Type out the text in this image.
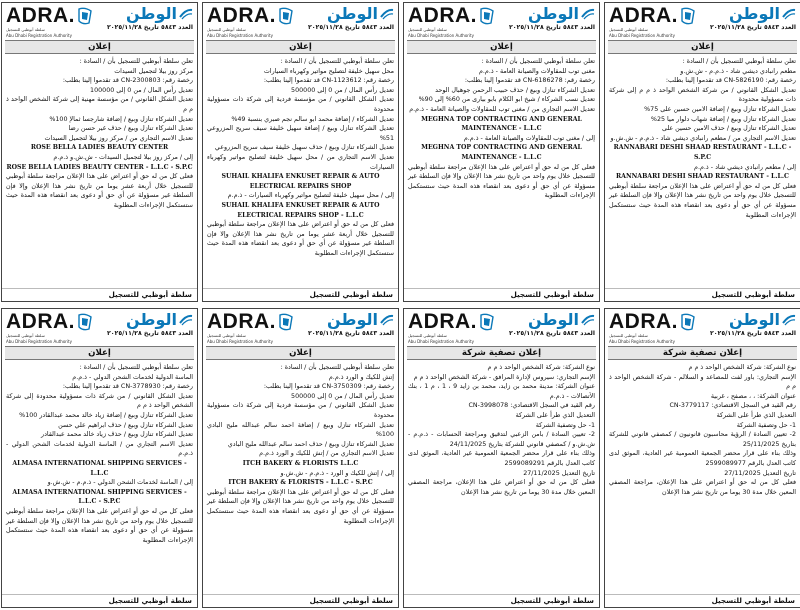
ADRA.
سلطة أبوظبي للتسجيل
Abu Dhabi Registration Authority
الوطن
العدد ٥٨٤٣ تاريخ ٢٠٢٥/١١/٢٨
إعلان

تعلن سلطة أبوظبي للتسجيل بأن / السادة :

مركز روز بيلا لتجميل السيدات

رخصة رقم: CN-2300803 قد تقدموا إلينا بطلب:

تعديل رأس المال / من 0 إلى 100000

تعديل الشكل القانوني / من مؤسسة مهنية إلى شركة الشخص الواحد ذ م م

تعديل الشركاء تنازل وبيع / إضافة شارجسا ثمالإ 100%

تعديل الشركاء تنازل وبيع / حذف غير حسن رضا

تعديل الاسم التجاري من / مركز روز بيلا لتجميل السيدات

ROSE BELLA LADIES BEAUTY CENTER

إلى / مركز روز بيلا لتجميل السيدات - ش.ش.و ذ.م.م

ROSE BELLA LADIES BEAUTY CENTER - L.L.C - S.P.C

فعلى كل من له حق أو اعتراض على هذا الإعلان مراجعة سلطة أبوظبي للتسجيل خلال أربعة عشر يوما من تاريخ نشر هذا الإعلان وإلا فإن السلطة غير مسؤولة عن أي حق أو دعوى بعد انقضاء هذه المدة حيث ستستكمل الإجراءات المطلوبة

سلطة أبوظبي للتسجيل
ADRA.
سلطة أبوظبي للتسجيل
Abu Dhabi Registration Authority
الوطن
العدد ٥٨٤٣ تاريخ ٢٠٢٥/١١/٢٨
إعلان

تعلن سلطة أبوظبي للتسجيل بأن / السادة :

محل سهيل خليفة لتصليح مواتير وكهرباء السيارات

رخصة رقم: CN-1123612 قد تقدموا إلينا بطلب:

تعديل رأس المال / من 0 إلى 500000

تعديل الشكل القانوني / من مؤسسة فردية إلى شركة ذات مسؤولية محدودة

تعديل الشركاء / إضافة محمد ابو سالم نجم صبري بنسبة 49%

تعديل الشركاء تنازل وبيع / إضافة سهيل خليفة سيف سريح المزروعي 51%

تعديل الشركاء تنازل وبيع / حذف سهيل خليفة سيف سريح المزروعي

تعديل الاسم التجاري من / محل سهيل خليفة لتصليح مواتير وكهرباء السيارات

SUHAIL KHALIFA ENKUSET REPAIR & AUTO ELECTRICAL REPAIRS SHOP

إلى / محل سهيل خليفة لتصليح مواتير وكهرباء السيارات - ذ.م.م

SUHAIL KHALIFA ENKUSET REPAIR & AUTO ELECTRICAL REPAIRS SHOP - L.L.C

فعلى كل من له حق أو اعتراض على هذا الإعلان مراجعة سلطة أبوظبي للتسجيل خلال أربعة عشر يوما من تاريخ نشر هذا الإعلان وإلا فإن السلطة غير مسؤولة عن أي حق أو دعوى بعد انقضاء هذه المدة حيث ستستكمل الإجراءات المطلوبة

سلطة أبوظبي للتسجيل
ADRA.
سلطة أبوظبي للتسجيل
Abu Dhabi Registration Authority
الوطن
العدد ٥٨٤٣ تاريخ ٢٠٢٥/١١/٢٨
إعلان

تعلن سلطة أبوظبي للتسجيل بأن / السادة :

مغنى توب للمقاولات والصيانة العامة - ذ.م.م

رخصة رقم: CN-6186278 قد تقدموا إلينا بطلب:

تعديل الشركاء تنازل وبيع / حذف حبيب الرحمن جوهبال الوحد

تعديل نسب الشركاء / شيخ ابو الكلام بابو بيارى من 60% إلى 90%

تعديل الاسم التجاري من / مغنى توب للمقاولات والصيانة العامة - ذ.م.م

MEGHNA TOP CONTRACTING AND GENERAL MAINTENANCE - L.L.C

إلى / مغنى توب للمقاولات والصيانة العامة - ذ.م.م

MEGHNA TOP CONTRACTING AND GENERAL MAINTENANCE - L.L.C

فعلى كل من له حق أو اعتراض على هذا الإعلان مراجعة سلطة أبوظبي للتسجيل خلال يوم واحد من تاريخ نشر هذا الإعلان وإلا فإن السلطة غير مسؤولة عن أي حق أو دعوى بعد انقضاء هذه المدة حيث ستستكمل الإجراءات المطلوبة

سلطة أبوظبي للتسجيل
ADRA.
سلطة أبوظبي للتسجيل
Abu Dhabi Registration Authority
الوطن
العدد ٥٨٤٣ تاريخ ٢٠٢٥/١١/٢٨
إعلان

تعلن سلطة أبوظبي للتسجيل بأن / السادة :

مطعم رانبادي ديشي شاد - ذ.م.م - ش.ش.و

رخصة رقم: CN-5826190 قد تقدموا إلينا بطلب:

تعديل الشكل القانوني / من شركة الشخص الواحد ذ م م إلى شركة ذات مسؤولية محدودة

تعديل الشركاء تنازل وبيع / إضافة الامين حسين على 75%

تعديل الشركاء تنازل وبيع / إضافة شهاب دلوار ميا 25%

تعديل الشركاء تنازل وبيع / حذف الامين حسين على

تعديل الاسم التجاري من / مطعم رانبادي ديشي شاد - ذ.م.م - ش.ش.و

RANNABARI DESHI SHAAD RESTAURANT - L.L.C - S.P.C

إلى / مطعم رانبادي ديشي شاد - ذ.م.م

RANNABARI DESHI SHAAD RESTAURANT - L.L.C

فعلى كل من له حق أو اعتراض على هذا الإعلان مراجعة سلطة أبوظبي للتسجيل خلال يوم واحد من تاريخ نشر هذا الإعلان وإلا فإن السلطة غير مسؤولة عن أي حق أو دعوى بعد انقضاء هذه المدة حيث ستستكمل الإجراءات المطلوبة

سلطة أبوظبي للتسجيل
ADRA.
سلطة أبوظبي للتسجيل
Abu Dhabi Registration Authority
الوطن
العدد ٥٨٤٣ تاريخ ٢٠٢٥/١١/٢٨
إعلان

تعلن سلطة أبوظبي للتسجيل بأن / السادة :

الماسة الدولية لخدمات الشحن الدولي - ذ.م.م

رخصة رقم: CN-3778930 قد تقدموا إلينا بطلب:

تعديل الشكل القانوني / من شركة ذات مسؤولية محدودة إلى شركة الشخص الواحد ذ م م

تعديل الشركاء تنازل وبيع / إضافة زياد خالد محمد عبدالقادر 100%

تعديل الشركاء تنازل وبيع / حذف ابراهيم علي حسن

تعديل الشركاء تنازل وبيع / حذف زياد خالد محمد عبدالقادر

تعديل الاسم التجاري من / الماسة الدولية لخدمات الشحن الدولي - ذ.م.م

ALMASA INTERNATIONAL SHIPPING SERVICES - L.L.C

إلى / الماسة لخدمات الشحن الدولي - ذ.م.م - ش.ش.و

ALMASA INTERNATIONAL SHIPPING SERVICES - L.L.C - S.P.C

فعلى كل من له حق أو اعتراض على هذا الإعلان مراجعة سلطة أبوظبي للتسجيل خلال يوم واحد من تاريخ نشر هذا الإعلان وإلا فإن السلطة غير مسؤولة عن أي حق أو دعوى بعد انقضاء هذه المدة حيث ستستكمل الإجراءات المطلوبة

سلطة أبوظبي للتسجيل
ADRA.
سلطة أبوظبي للتسجيل
Abu Dhabi Registration Authority
الوطن
العدد ٥٨٤٣ تاريخ ٢٠٢٥/١١/٢٨
إعلان

تعلن سلطة أبوظبي للتسجيل بأن / السادة :

إتش للكيك و الورد ذ.م.م

رخصة رقم: CN-3750309 قد تقدموا إلينا بطلب:

تعديل رأس المال / من 0 إلى 500000

تعديل الشكل القانوني / من مؤسسة فردية إلى شركة ذات مسؤولية محدودة

تعديل الشركاء تنازل وبيع / إضافة احمد سالم عبدالله مليح البادي 100%

تعديل الشركاء تنازل وبيع / حذف احمد سالم عبدالله مليح البادي

تعديل الاسم التجاري من / إتش للكيك و الورد ذ.م.م

ITCH BAKERY & FLORISTS L.L.C

إلى / إتش للكيك و الورد - ذ.م.م - ش.ش.و

ITCH BAKERY & FLORISTS - L.L.C - S.P.C

فعلى كل من له حق أو اعتراض على هذا الإعلان مراجعة سلطة أبوظبي للتسجيل خلال يوم واحد من تاريخ نشر هذا الإعلان وإلا فإن السلطة غير مسؤولة عن أي حق أو دعوى بعد انقضاء هذه المدة حيث ستستكمل الإجراءات المطلوبة

سلطة أبوظبي للتسجيل
ADRA.
سلطة أبوظبي للتسجيل
Abu Dhabi Registration Authority
الوطن
العدد ٥٨٤٣ تاريخ ٢٠٢٥/١١/٢٨
إعلان تصفية شركة

نوع الشركة: شركة الشخص الواحد ذ م م

الإسم التجاري: سيروس لإدارة المرافق - شركة الشخص الواحد ذ م م

عنوان الشركة: مدينة محمد بن زايد، محمد بن زايد 9 ، 1 ، م 1 ، بنك الأتصالات - ذ.م.م

رقم القيد في السجل الاقتصادي: CN-3998078

التعديل الذي طرأ على الشركة

1- حل وتصفية الشركة

2- تعيين السادة / بامن الزعبي لتدقيق ومراجعة الحسابات - ذ.م.م - ش.ش.و / كمصفي قانوني للشركة بتاريخ 24/11/2025

وذلك بناء على قرار محضر الجمعية العمومية غير العادية، الموثق لدى كاتب العدل بالرقم 2599089291

تاريخ التعديل 27/11/2025

فعلى كل من له حق أو اعتراض على هذا الإعلان، مراجعة المصفي المعين خلال مدة 30 يوما من تاريخ نشر هذا الإعلان

سلطة أبوظبي للتسجيل
ADRA.
سلطة أبوظبي للتسجيل
Abu Dhabi Registration Authority
الوطن
العدد ٥٨٤٣ تاريخ ٢٠٢٥/١١/٢٨
إعلان تصفية شركة

نوع الشركة: شركة الشخص الواحد ذ م م

الإسم التجاري: باور لفت للمصاعد و السلالم - شركة الشخص الواحد ذ م م

عنوان الشركة: ، ، مصفح ، غربية

رقم القيد في السجل الاقتصادي: CN-3779117

التعديل الذي طرأ على الشركة

1- حل وتصفية الشركة

2- تعيين السادة / الرؤية محاسبون قانونيون / كمصفي قانوني للشركة بتاريخ 25/11/2025

وذلك بناء على قرار محضر الجمعية العمومية غير العادية، الموثق لدى كاتب العدل بالرقم 2599089977

تاريخ التعديل 27/11/2025

فعلى كل من له حق أو اعتراض على هذا الإعلان، مراجعة المصفي المعين خلال مدة 30 يوما من تاريخ نشر هذا الإعلان

سلطة أبوظبي للتسجيل
